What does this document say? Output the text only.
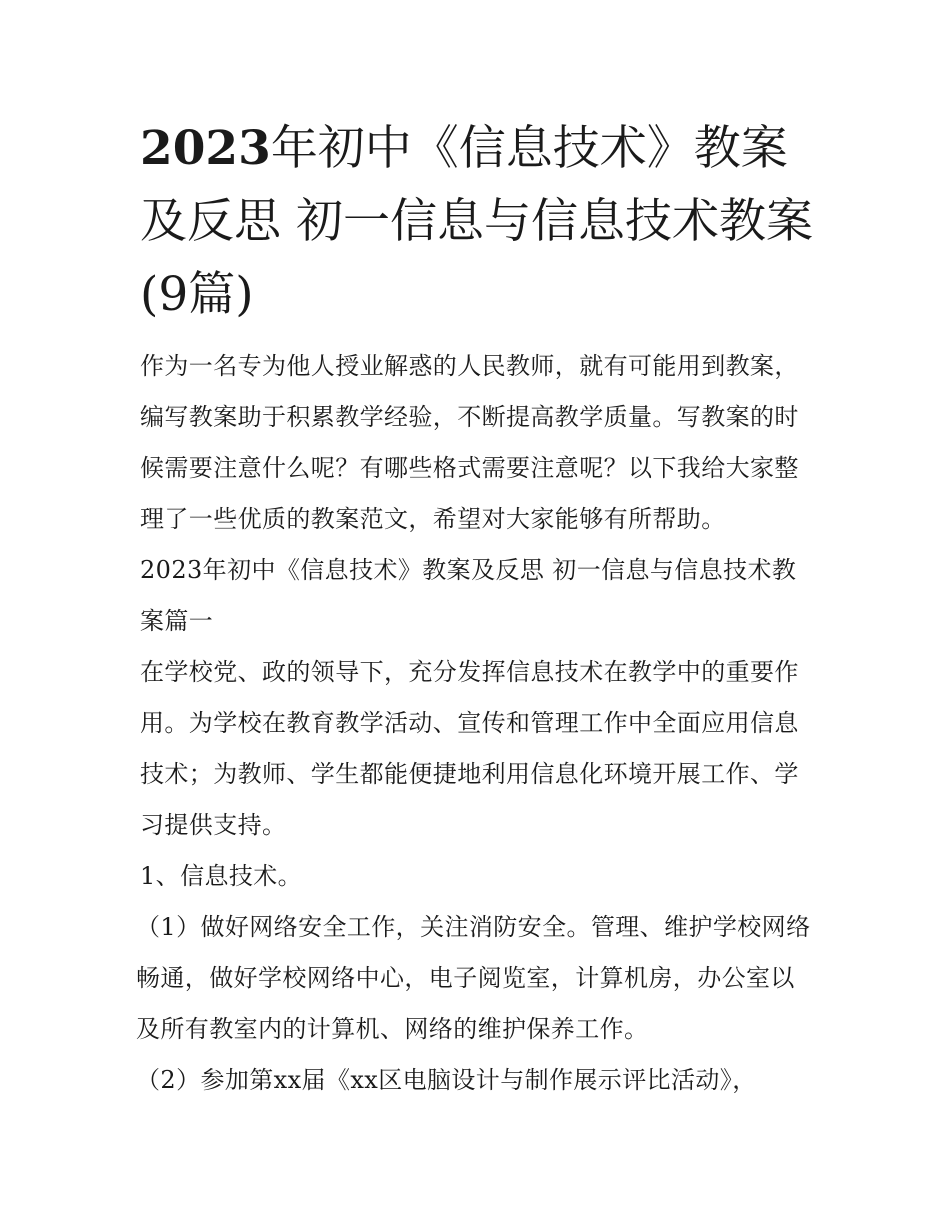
2023年初中《信息技术》教案及反思 初一信息与信息技术教案(9篇)

作为一名专为他人授业解惑的人民教师，就有可能用到教案，编写教案助于积累教学经验，不断提高教学质量。写教案的时候需要注意什么呢？有哪些格式需要注意呢？以下我给大家整理了一些优质的教案范文，希望对大家能够有所帮助。

2023年初中《信息技术》教案及反思 初一信息与信息技术教案篇一

在学校党、政的领导下，充分发挥信息技术在教学中的重要作用。为学校在教育教学活动、宣传和管理工作中全面应用信息技术；为教师、学生都能便捷地利用信息化环境开展工作、学习提供支持。

1、信息技术。

（1）做好网络安全工作，关注消防安全。管理、维护学校网络畅通，做好学校网络中心，电子阅览室，计算机房，办公室以及所有教室内的计算机、网络的维护保养工作。

（2）参加第xx届《xx区电脑设计与制作展示评比活动》，
